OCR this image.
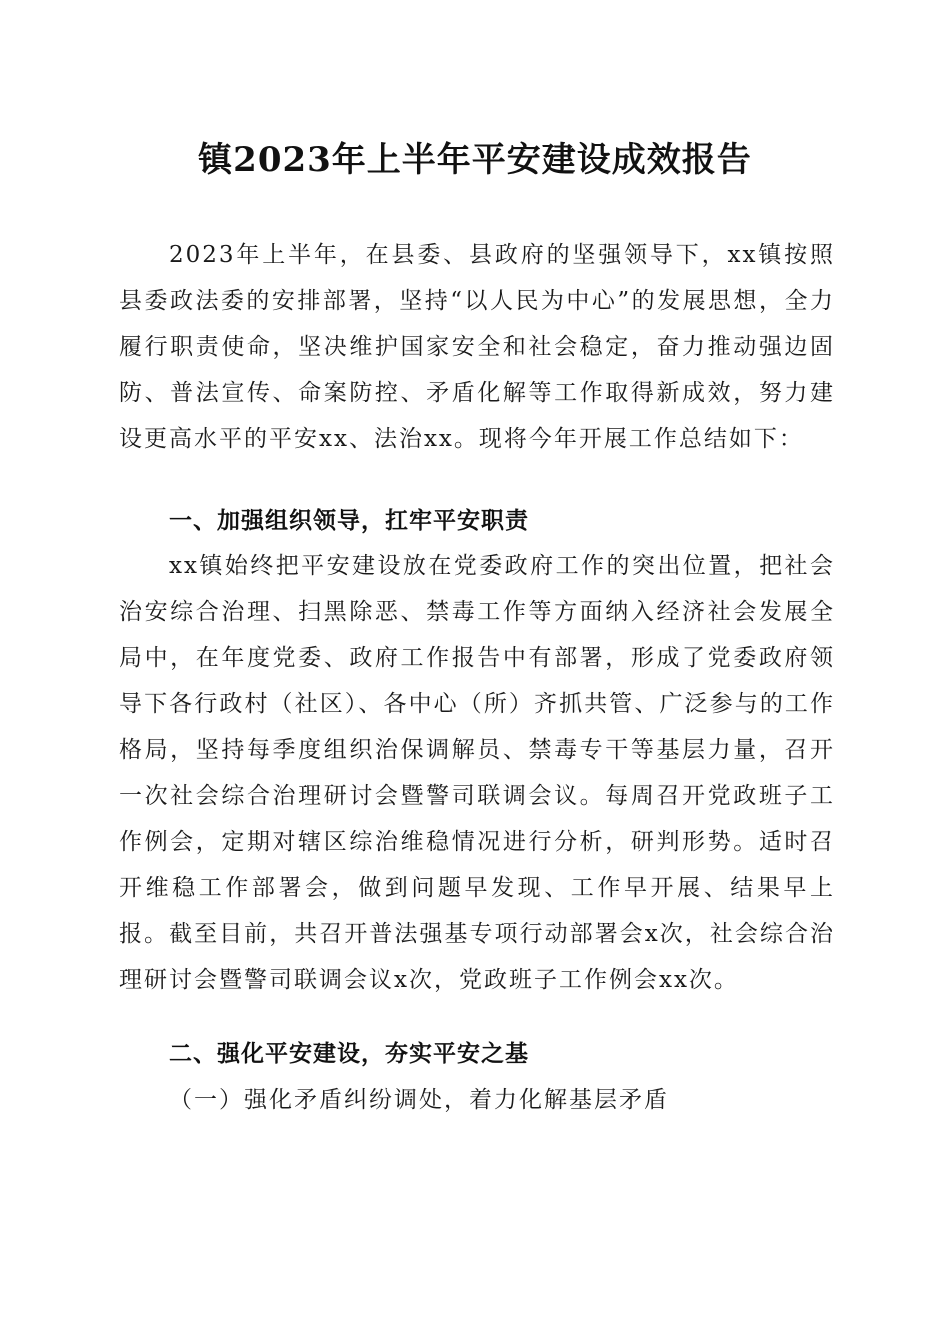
镇2023年上半年平安建设成效报告
2023年上半年，在县委、县政府的坚强领导下，xx镇按照县委政法委的安排部署，坚持“以人民为中心”的发展思想，全力履行职责使命，坚决维护国家安全和社会稳定，奋力推动强边固防、普法宣传、命案防控、矛盾化解等工作取得新成效，努力建设更高水平的平安xx、法治xx。现将今年开展工作总结如下：
一、加强组织领导，扛牢平安职责
xx镇始终把平安建设放在党委政府工作的突出位置，把社会治安综合治理、扫黑除恶、禁毒工作等方面纳入经济社会发展全局中，在年度党委、政府工作报告中有部署，形成了党委政府领导下各行政村（社区）、各中心（所）齐抓共管、广泛参与的工作格局，坚持每季度组织治保调解员、禁毒专干等基层力量，召开一次社会综合治理研讨会暨警司联调会议。每周召开党政班子工作例会，定期对辖区综治维稳情况进行分析，研判形势。适时召开维稳工作部署会，做到问题早发现、工作早开展、结果早上报。截至目前，共召开普法强基专项行动部署会x次，社会综合治理研讨会暨警司联调会议x次，党政班子工作例会xx次。
二、强化平安建设，夯实平安之基
（一）强化矛盾纠纷调处，着力化解基层矛盾
